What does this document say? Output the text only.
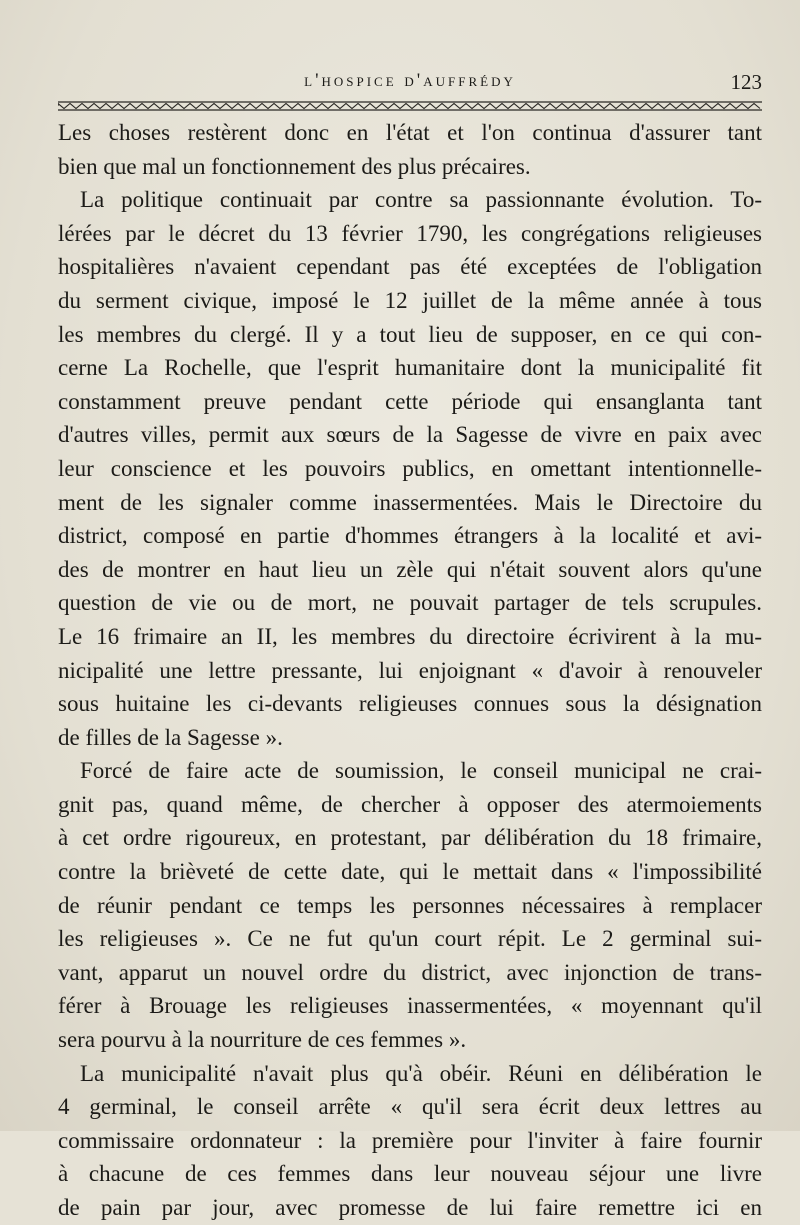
l'hospice d'auffrédy	123
Les choses restèrent donc en l'état et l'on continua d'assurer tant
bien que mal un fonctionnement des plus précaires.
La politique continuait par contre sa passionnante évolution. To-
lérées par le décret du 13 février 1790, les congrégations religieuses
hospitalières n'avaient cependant pas été exceptées de l'obligation
du serment civique, imposé le 12 juillet de la même année à tous
les membres du clergé. Il y a tout lieu de supposer, en ce qui con-
cerne La Rochelle, que l'esprit humanitaire dont la municipalité fit
constamment preuve pendant cette période qui ensanglanta tant
d'autres villes, permit aux sœurs de la Sagesse de vivre en paix avec
leur conscience et les pouvoirs publics, en omettant intentionnelle-
ment de les signaler comme inassermentées. Mais le Directoire du
district, composé en partie d'hommes étrangers à la localité et avi-
des de montrer en haut lieu un zèle qui n'était souvent alors qu'une
question de vie ou de mort, ne pouvait partager de tels scrupules.
Le 16 frimaire an II, les membres du directoire écrivirent à la mu-
nicipalité une lettre pressante, lui enjoignant « d'avoir à renouveler
sous huitaine les ci-devants religieuses connues sous la désignation
de filles de la Sagesse ».
Forcé de faire acte de soumission, le conseil municipal ne crai-
gnit pas, quand même, de chercher à opposer des atermoiements
à cet ordre rigoureux, en protestant, par délibération du 18 frimaire,
contre la brièveté de cette date, qui le mettait dans « l'impossibilité
de réunir pendant ce temps les personnes nécessaires à remplacer
les religieuses ». Ce ne fut qu'un court répit. Le 2 germinal sui-
vant, apparut un nouvel ordre du district, avec injonction de trans-
férer à Brouage les religieuses inassermentées, « moyennant qu'il
sera pourvu à la nourriture de ces femmes ».
La municipalité n'avait plus qu'à obéir. Réuni en délibération le
4 germinal, le conseil arrête « qu'il sera écrit deux lettres au
commissaire ordonnateur : la première pour l'inviter à faire fournir
à chacune de ces femmes dans leur nouveau séjour une livre
de pain par jour, avec promesse de lui faire remettre ici en
